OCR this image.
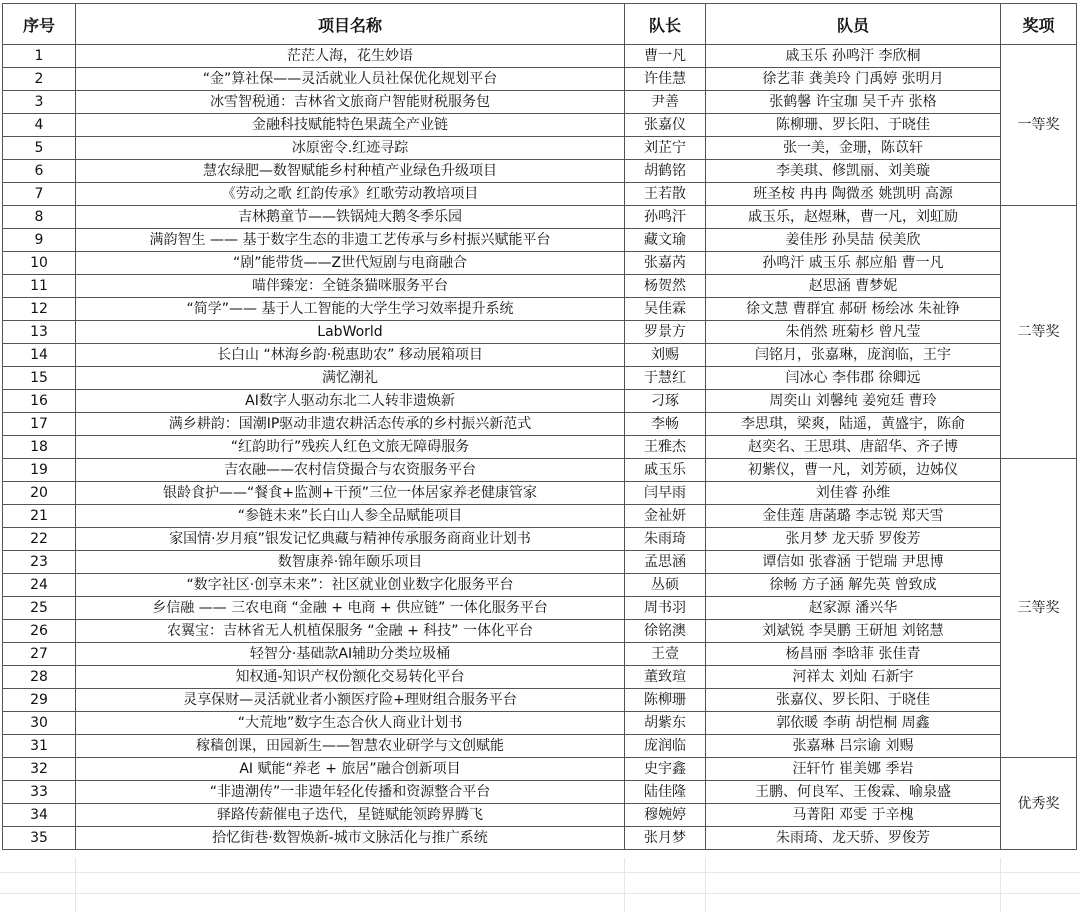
序号	项目名称	队长	队员	奖项
1	茫茫人海，花生妙语	曹一凡	戚玉乐 孙鸣汗 李欣桐	一等奖
2	“金”算社保——灵活就业人员社保优化规划平台	许佳慧	徐艺菲 龚美玲 门禹婷 张明月	
3	冰雪智税通：吉林省文旅商户智能财税服务包	尹善	张鹤馨 许宝珈 吴千卉 张格	
4	金融科技赋能特色果蔬全产业链	张嘉仪	陈柳珊、罗长阳、于晓佳	
5	冰原密令.红迹寻踪	刘芷宁	张一美，金珊，陈苡轩	
6	慧农绿肥—数智赋能乡村种植产业绿色升级项目	胡鹤铭	李美琪、修凯丽、刘美璇	
7	《劳动之歌 红韵传承》红歌劳动教培项目	王若散	班圣桉 冉冉 陶微丞 姚凯明 高源	
8	吉林鹅童节——铁锅炖大鹅冬季乐园	孙鸣汗	戚玉乐，赵煜琳，曹一凡，刘虹励	二等奖
9	满韵智生 —— 基于数字生态的非遗工艺传承与乡村振兴赋能平台	藏文瑜	姜佳彤 孙昊喆 侯美欣	
10	“剧”能带货——Z世代短剧与电商融合	张嘉芮	孙鸣汗 戚玉乐 郝应船 曹一凡	
11	喵伴臻宠：全链条猫咪服务平台	杨贺然	赵思涵 曹梦妮	
12	“简学”—— 基于人工智能的大学生学习效率提升系统	吴佳霖	徐文慧 曹群宜 郝研 杨绘冰 朱祉铮	
13	LabWorld	罗景方	朱俏然 班菊杉 曾凡莹	
14	长白山 “林海乡韵·税惠助农” 移动展箱项目	刘赐	闫铭月，张嘉琳，庞润临，王宇	
15	满忆潮礼	于慧红	闫冰心 李伟郡 徐卿远	
16	AI数字人驱动东北二人转非遗焕新	刁琢	周奕山 刘馨纯 姜宛廷 曹玲	
17	满乡耕韵：国潮IP驱动非遗农耕活态传承的乡村振兴新范式	李畅	李思琪，梁爽，陆遥，黄盛宇，陈俞	
18	“红韵助行”残疾人红色文旅无障碍服务	王雅杰	赵奕名、王思琪、唐韶华、齐子博	
19	吉农融——农村信贷撮合与农资服务平台	戚玉乐	初紫仪，曹一凡，刘芳硕，边姊仪	三等奖
20	银龄食护——“餐食+监测+干预”三位一体居家养老健康管家	闫早雨	刘佳睿 孙维	
21	“参链未来”长白山人参全品赋能项目	金祉妍	金佳莲 唐菡璐 李志锐 郑天雪	
22	家国情·岁月痕”银发记忆典藏与精神传承服务商商业计划书	朱雨琦	张月梦 龙天骄 罗俊芳	
23	数智康养·锦年颐乐项目	孟思涵	谭信如 张睿涵 于铠瑞 尹思博	
24	“数字社区·创享未来”：社区就业创业数字化服务平台	丛硕	徐畅 方子涵 解先英 曾致成	
25	乡信融 —— 三农电商 “金融 + 电商 + 供应链” 一体化服务平台	周书羽	赵家源 潘兴华	
26	农翼宝：吉林省无人机植保服务 “金融 + 科技” 一体化平台	徐铭澳	刘斌锐 李昊鹏 王研旭 刘铭慧	
27	轻智分·基础款AI辅助分类垃圾桶	王壹	杨昌丽 李晗菲 张佳青	
28	知权通-知识产权份额化交易转化平台	董致瑄	河祥太 刘灿 石新宇	
29	灵享保财—灵活就业者小额医疗险+理财组合服务平台	陈柳珊	张嘉仪、罗长阳、于晓佳	
30	“大荒地”数字生态合伙人商业计划书	胡紫东	郭依暖 李萌 胡恺桐 周鑫	
31	稼穑创课，田园新生——智慧农业研学与文创赋能	庞润临	张嘉琳 吕宗谕 刘赐	
32	AI 赋能“养老 + 旅居”融合创新项目	史宇鑫	汪轩竹 崔美娜 季岩	优秀奖
33	“非遗潮传”一非遗年轻化传播和资源整合平台	陆佳隆	王鹏、何良军、王俊霖、喻泉盛	
34	驿路传薪催电子迭代，星链赋能领跨界腾飞	穆婉婷	马菁阳 邓雯 于辛槐	
35	拾忆街巷·数智焕新-城市文脉活化与推广系统	张月梦	朱雨琦、龙天骄、罗俊芳	
